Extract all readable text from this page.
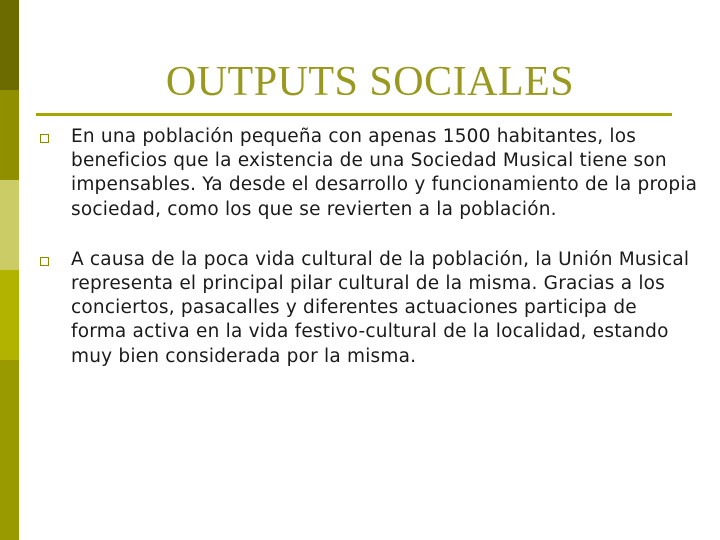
OUTPUTS SOCIALES
En una población pequeña con apenas 1500 habitantes, los beneficios que la existencia de una Sociedad Musical tiene son impensables. Ya desde el desarrollo y funcionamiento de la propia sociedad, como los que se revierten a la población.
A causa de la poca vida cultural de la población, la Unión Musical representa el principal pilar cultural de la misma. Gracias a los conciertos, pasacalles y diferentes actuaciones participa de forma activa en la vida festivo-cultural de la localidad, estando muy bien considerada por la misma.
